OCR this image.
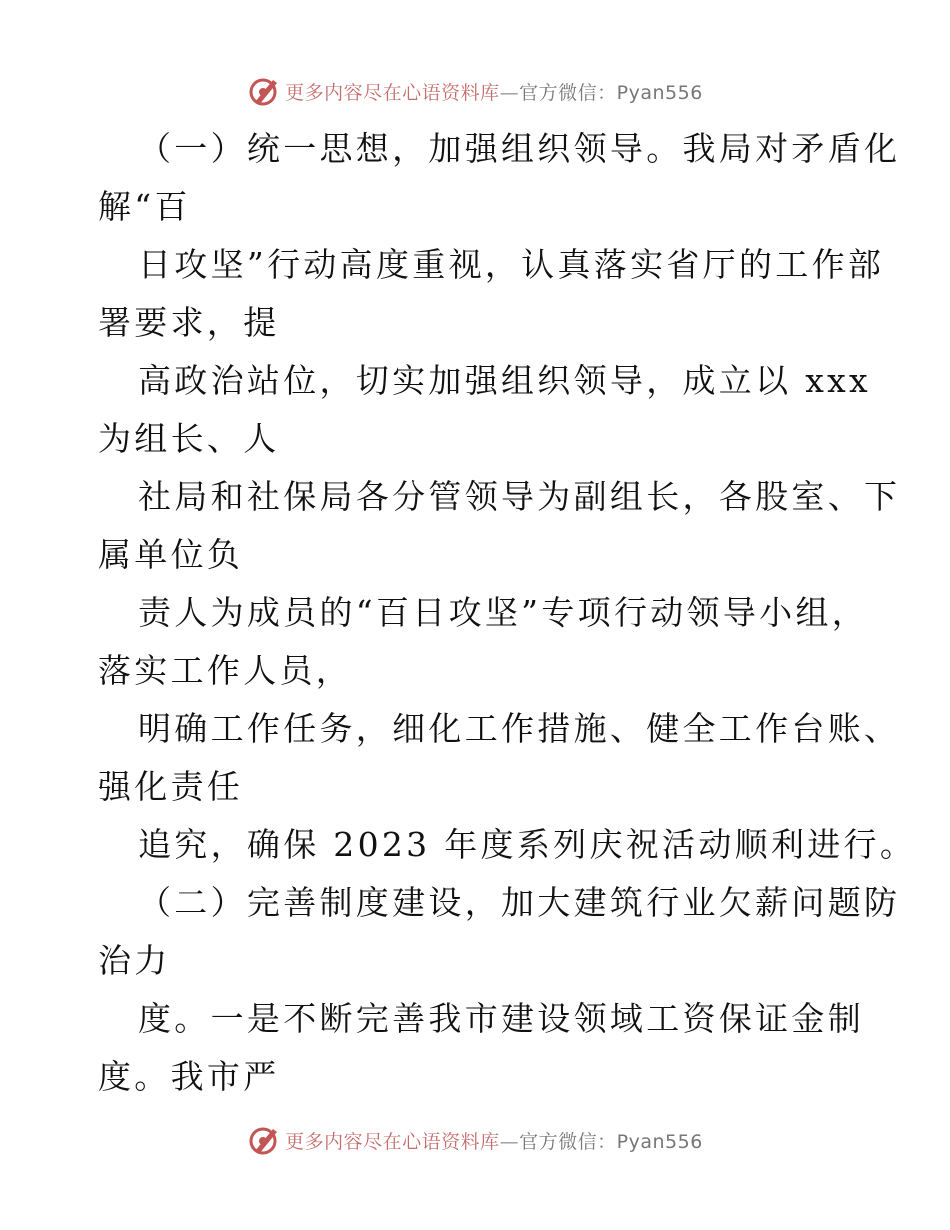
更多内容尽在心语资料库—官方微信：Pyan556
（一）统一思想，加强组织领导。我局对矛盾化
解“百
日攻坚”行动高度重视，认真落实省厅的工作部
署要求，提
高政治站位，切实加强组织领导，成立以 xxx
为组长、人
社局和社保局各分管领导为副组长，各股室、下
属单位负
责人为成员的“百日攻坚”专项行动领导小组，
落实工作人员，
明确工作任务，细化工作措施、健全工作台账、
强化责任
追究，确保 2023 年度系列庆祝活动顺利进行。
（二）完善制度建设，加大建筑行业欠薪问题防
治力
度。一是不断完善我市建设领域工资保证金制
度。我市严
更多内容尽在心语资料库—官方微信：Pyan556
